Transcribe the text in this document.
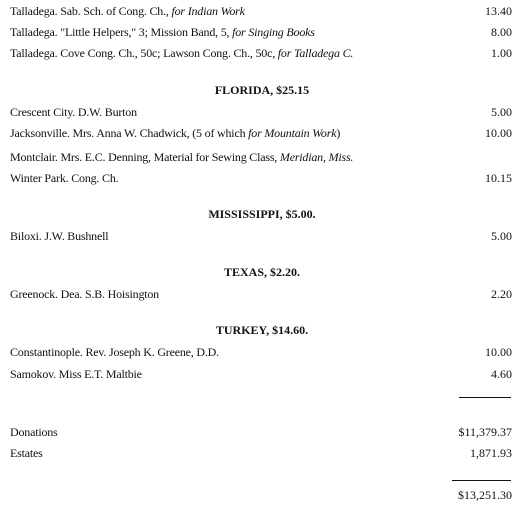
Talladega. Sab. Sch. of Cong. Ch., for Indian Work	13.40
Talladega. "Little Helpers," 3; Mission Band, 5, for Singing Books	8.00
Talladega. Cove Cong. Ch., 50c; Lawson Cong. Ch., 50c, for Talladega C.	1.00
FLORIDA, $25.15
Crescent City. D.W. Burton	5.00
Jacksonville. Mrs. Anna W. Chadwick, (5 of which for Mountain Work)	10.00
Montclair. Mrs. E.C. Denning, Material for Sewing Class, Meridian, Miss.
Winter Park. Cong. Ch.	10.15
MISSISSIPPI, $5.00.
Biloxi. J.W. Bushnell	5.00
TEXAS, $2.20.
Greenock. Dea. S.B. Hoisington	2.20
TURKEY, $14.60.
Constantinople. Rev. Joseph K. Greene, D.D.	10.00
Samokov. Miss E.T. Maltbie	4.60
Donations	$11,379.37
Estates	1,871.93
$13,251.30
